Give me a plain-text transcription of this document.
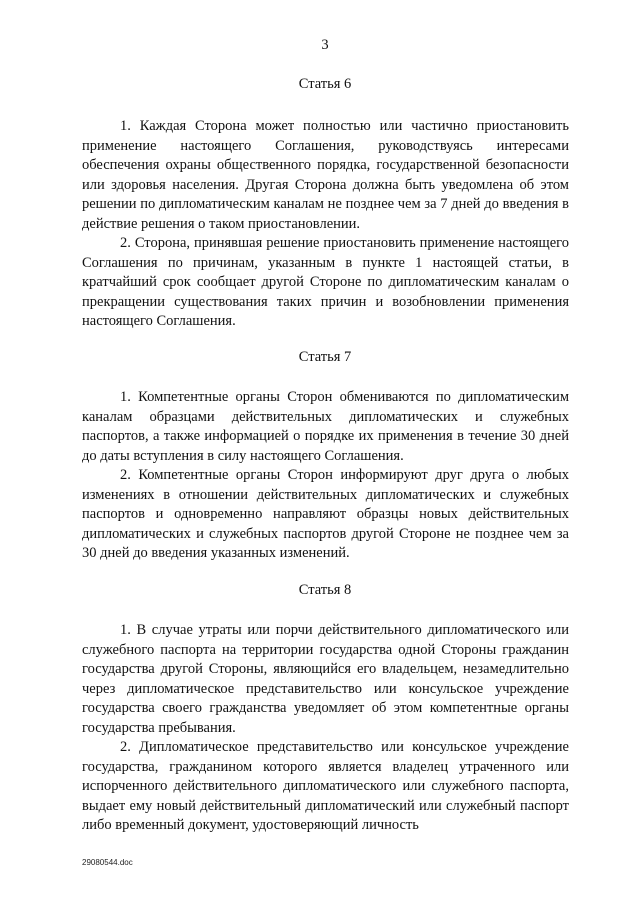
3
Статья 6

1. Каждая Сторона может полностью или частично приостановить применение настоящего Соглашения, руководствуясь интересами обеспечения охраны общественного порядка, государственной безопасности или здоровья населения. Другая Сторона должна быть уведомлена об этом решении по дипломатическим каналам не позднее чем за 7 дней до введения в действие решения о таком приостановлении.

2. Сторона, принявшая решение приостановить применение настоящего Соглашения по причинам, указанным в пункте 1 настоящей статьи, в кратчайший срок сообщает другой Стороне по дипломатическим каналам о прекращении существования таких причин и возобновлении применения настоящего Соглашения.

Статья 7

1. Компетентные органы Сторон обмениваются по дипломатическим каналам образцами действительных дипломатических и служебных паспортов, а также информацией о порядке их применения в течение 30 дней до даты вступления в силу настоящего Соглашения.

2. Компетентные органы Сторон информируют друг друга о любых изменениях в отношении действительных дипломатических и служебных паспортов и одновременно направляют образцы новых действительных дипломатических и служебных паспортов другой Стороне не позднее чем за 30 дней до введения указанных изменений.

Статья 8

1. В случае утраты или порчи действительного дипломатического или служебного паспорта на территории государства одной Стороны гражданин государства другой Стороны, являющийся его владельцем, незамедлительно через дипломатическое представительство или консульское учреждение государства своего гражданства уведомляет об этом компетентные органы государства пребывания.

2. Дипломатическое представительство или консульское учреждение государства, гражданином которого является владелец утраченного или испорченного действительного дипломатического или служебного паспорта, выдает ему новый действительный дипломатический или служебный паспорт либо временный документ, удостоверяющий личность

29080544.doc
